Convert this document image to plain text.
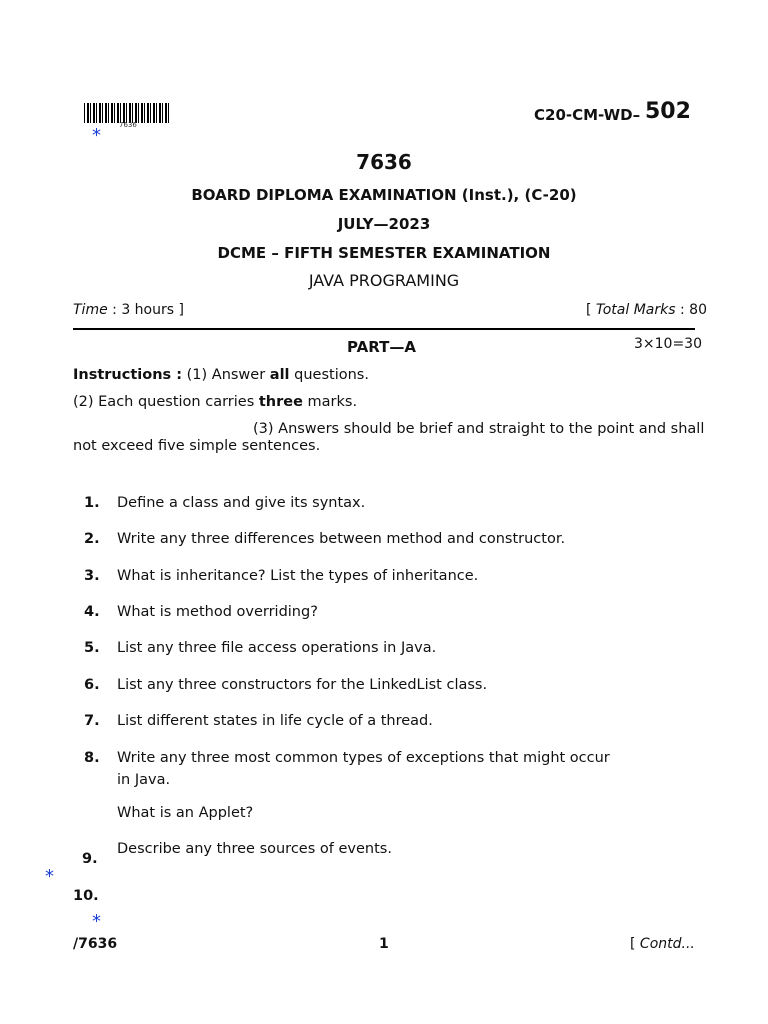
7636
*
C20-CM-WD– 502
7636
BOARD DIPLOMA EXAMINATION (Inst.), (C-20)
JULY—2023
DCME – FIFTH SEMESTER EXAMINATION
JAVA PROGRAMING
Time : 3 hours ]	[ Total Marks : 80
PART—A	3×10=30
Instructions : (1) Answer all questions.
(2) Each question carries three marks.
(3) Answers should be brief and straight to the point and shall
not exceed five simple sentences.
1. Define a class and give its syntax.
2. Write any three differences between method and constructor.
3. What is inheritance? List the types of inheritance.
4. What is method overriding?
5. List any three file access operations in Java.
6. List any three constructors for the LinkedList class.
7. List different states in life cycle of a thread.
8. Write any three most common types of exceptions that might occur in Java.
What is an Applet?
Describe any three sources of events.
9.
*
10.
*
/7636	1	[ Contd...
